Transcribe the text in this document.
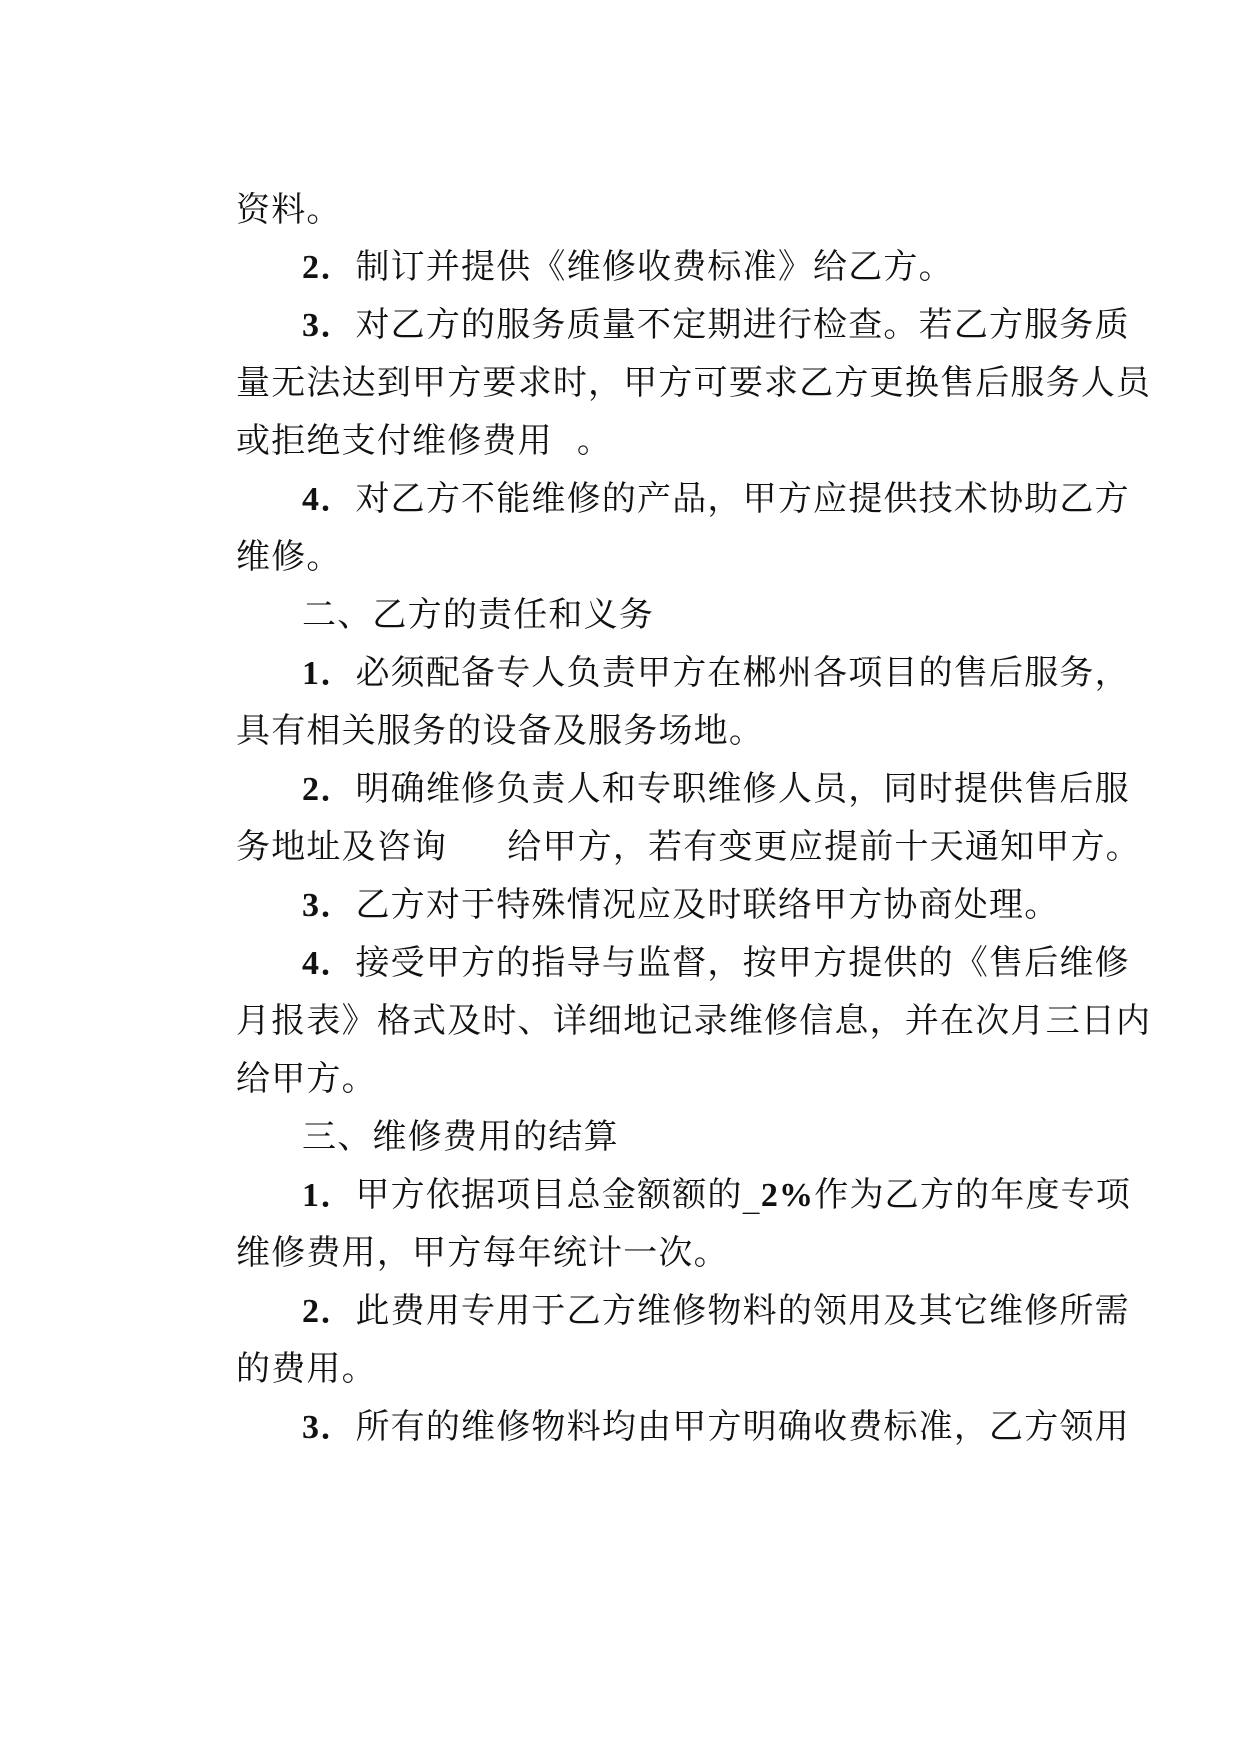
资料。

2．制订并提供《维修收费标准》给乙方。

3．对乙方的服务质量不定期进行检查。若乙方服务质

量无法达到甲方要求时，甲方可要求乙方更换售后服务人员

或拒绝支付维修费用  。

4．对乙方不能维修的产品，甲方应提供技术协助乙方

维修。

二、乙方的责任和义务

1．必须配备专人负责甲方在郴州各项目的售后服务，

具有相关服务的设备及服务场地。

2．明确维修负责人和专职维修人员，同时提供售后服

务地址及咨询     给甲方，若有变更应提前十天通知甲方。

3．乙方对于特殊情况应及时联络甲方协商处理。

4．接受甲方的指导与监督，按甲方提供的《售后维修

月报表》格式及时、详细地记录维修信息，并在次月三日内

给甲方。

三、维修费用的结算

1．甲方依据项目总金额额的_2%作为乙方的年度专项

维修费用，甲方每年统计一次。

2．此费用专用于乙方维修物料的领用及其它维修所需

的费用。

3．所有的维修物料均由甲方明确收费标准，乙方领用
